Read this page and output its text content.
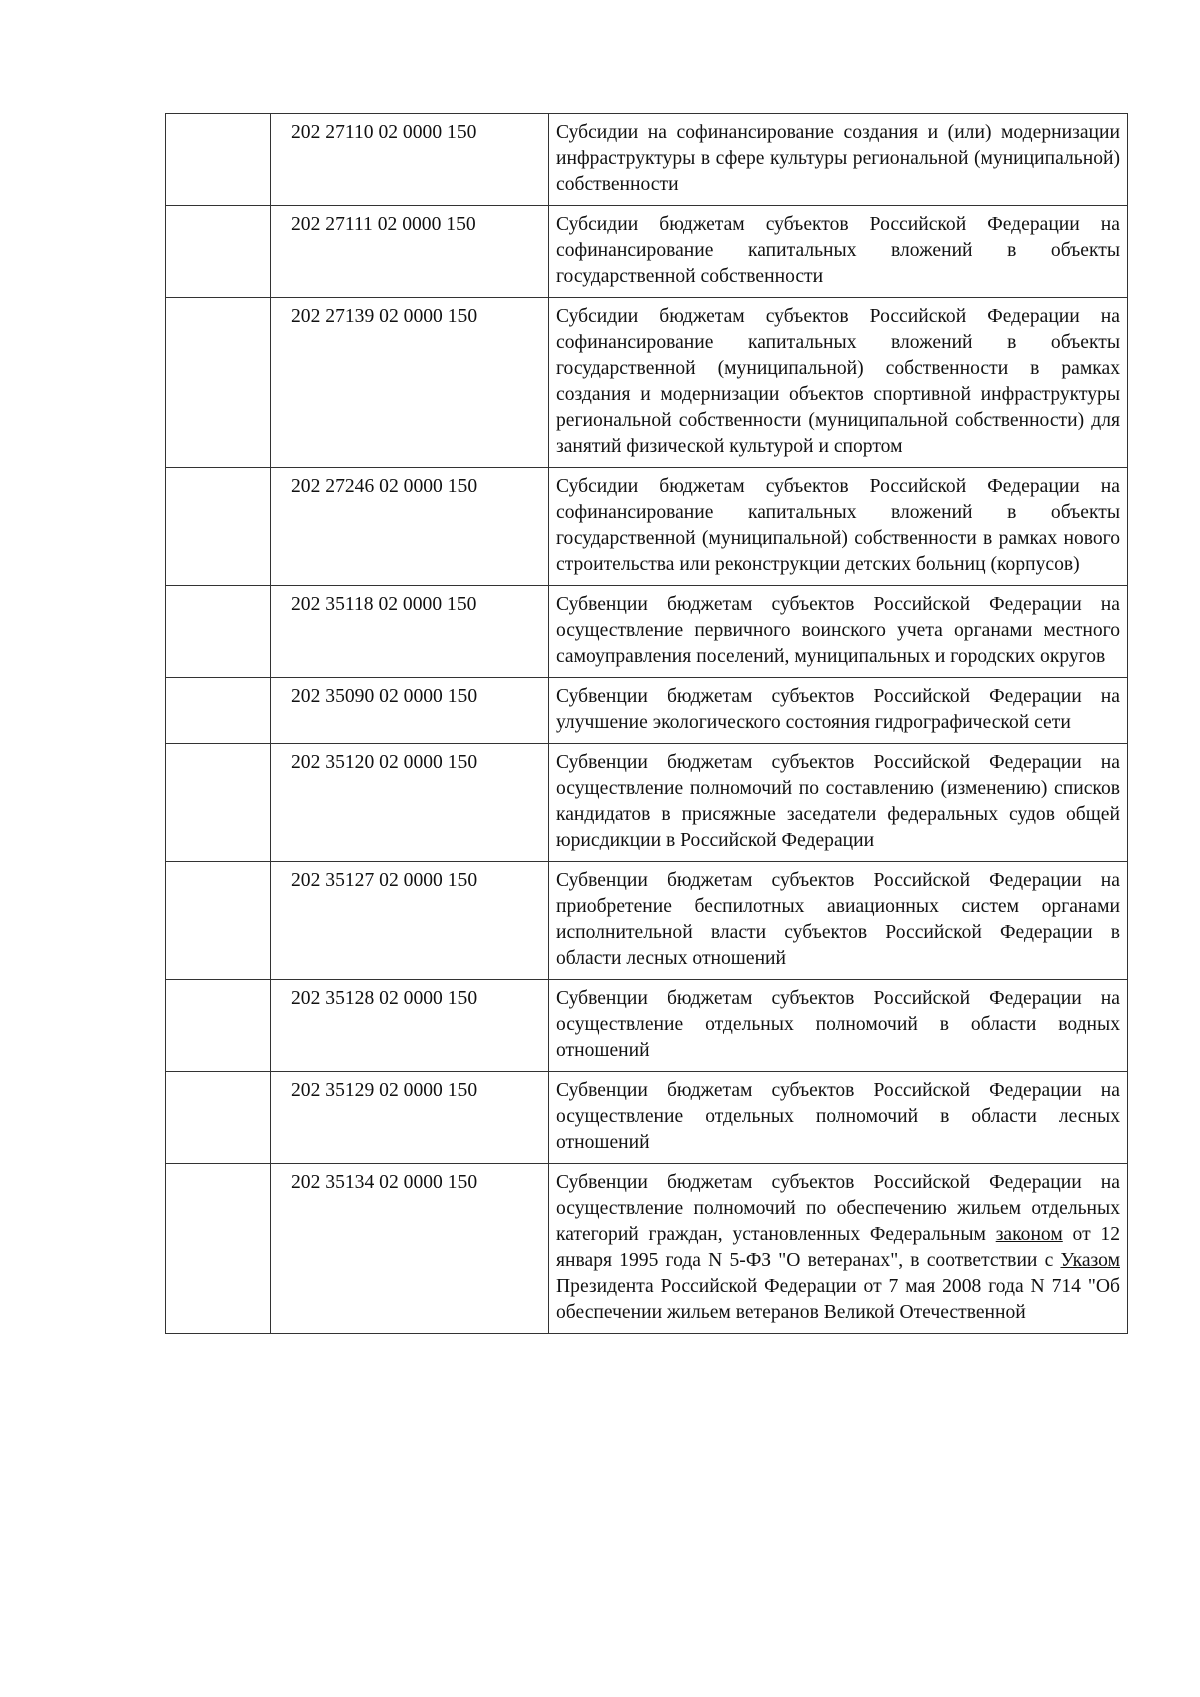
	202 27110 02 0000 150	Субсидии на софинансирование создания и (или) модернизации инфраструктуры в сфере культуры региональной (муниципальной) собственности
	202 27111 02 0000 150	Субсидии бюджетам субъектов Российской Федерации на софинансирование капитальных вложений в объекты государственной собственности
	202 27139 02 0000 150	Субсидии бюджетам субъектов Российской Федерации на софинансирование капитальных вложений в объекты государственной (муниципальной) собственности в рамках создания и модернизации объектов спортивной инфраструктуры региональной собственности (муниципальной собственности) для занятий физической культурой и спортом
	202 27246 02 0000 150	Субсидии бюджетам субъектов Российской Федерации на софинансирование капитальных вложений в объекты государственной (муниципальной) собственности в рамках нового строительства или реконструкции детских больниц (корпусов)
	202 35118 02 0000 150	Субвенции бюджетам субъектов Российской Федерации на осуществление первичного воинского учета органами местного самоуправления поселений, муниципальных и городских округов
	202 35090 02 0000 150	Субвенции бюджетам субъектов Российской Федерации на улучшение экологического состояния гидрографической сети
	202 35120 02 0000 150	Субвенции бюджетам субъектов Российской Федерации на осуществление полномочий по составлению (изменению) списков кандидатов в присяжные заседатели федеральных судов общей юрисдикции в Российской Федерации
	202 35127 02 0000 150	Субвенции бюджетам субъектов Российской Федерации на приобретение беспилотных авиационных систем органами исполнительной власти субъектов Российской Федерации в области лесных отношений
	202 35128 02 0000 150	Субвенции бюджетам субъектов Российской Федерации на осуществление отдельных полномочий в области водных отношений
	202 35129 02 0000 150	Субвенции бюджетам субъектов Российской Федерации на осуществление отдельных полномочий в области лесных отношений
	202 35134 02 0000 150	Субвенции бюджетам субъектов Российской Федерации на осуществление полномочий по обеспечению жильем отдельных категорий граждан, установленных Федеральным законом от 12 января 1995 года N 5-ФЗ "О ветеранах", в соответствии с Указом Президента Российской Федерации от 7 мая 2008 года N 714 "Об обеспечении жильем ветеранов Великой Отечественной
